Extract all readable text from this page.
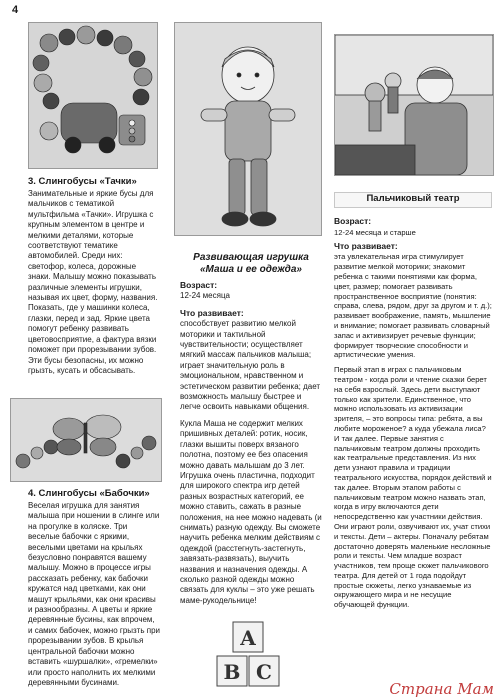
4
3. Слингобусы «Тачки»

Занимательные и яркие бусы для мальчиков с тематикой мультфильма «Тачки». Игрушка с крупным элементом в центре и мелкими деталями, которые соответствуют тематике автомобилей. Среди них: светофор, колеса, дорожные знаки. Малышу можно показывать различные элементы игрушки, называя их цвет, форму, названия. Показать, где у машинки колеса, глазки, перед и зад. Яркие цвета помогут ребенку развивать цветовосприятие, а фактура вязки поможет при прорезывании зубов. Эти бусы безопасны, их можно грызть, кусать и обсасывать.

4. Слингобусы «Бабочки»

Веселая игрушка для занятия малыша при ношении в слинге или на прогулке в коляске. Три веселые бабочки с яркими, веселыми цветами на крыльях безусловно понравятся вашему малышу. Можно в процессе игры рассказать ребенку, как бабочки кружатся над цветками, как они машут крыльями, как они красивы и разнообразны. А цветы и яркие деревянные бусины, как впрочем, и самих бабочек, можно грызть при прорезывании зубов. В крылья центральной бабочки можно вставить «шуршалки», «гремелки» или просто наполнить их мелкими деревянными бусинами.

Развивающая игрушка «Маша и ее одежда»
Возраст:

12-24 месяца

Что развивает:

способствует развитию мелкой моторики и тактильной чувствительности; осуществляет мягкий массаж пальчиков малыша; играет значительную роль в эмоциональном, нравственном и эстетическом развитии ребенка; дает возможность малышу быстрее и легче освоить навыками общения.

Кукла Маша не содержит мелких пришивных деталей: ротик, носик, глазки вышиты поверх вязаного полотна, поэтому ее без опасения можно давать малышам до 3 лет. Игрушка очень пластична, подходит для широкого спектра игр детей разных возрастных категорий, ее можно ставить, сажать в разные положения, на нее можно надевать (и снимать) разную одежду. Вы сможете научить ребенка мелким действиям с одеждой (расстегнуть-застегнуть, завязать-развязать), выучить названия и назначения одежды. А сколько разной одежды можно связать для куклы – это уже решать маме-рукодельнице!

A
B C
Пальчиковый театр
Возраст:

12-24 месяца и старше

Что развивает:

эта увлекательная игра стимулирует развитие мелкой моторики; знакомит ребенка с такими понятиями как форма, цвет, размер; помогает развивать пространственное восприятие (понятия: справа, слева, рядом, друг за другом и т. д.); развивает воображение, память, мышление и внимание; помогает развивать словарный запас и активизирует речевые функции; формирует творческие способности и артистические умения.

Первый этап в играх с пальчиковым театром - когда роли и чтение сказки берет на себя взрослый. Здесь дети выступают только как зрители. Единственное, что можно использовать из активизации зрителя, – это вопросы типа: ребята, а вы любите мороженое? а куда убежала лиса? И так далее. Первые занятия с пальчиковым театром должны проходить как театральные представления. Из них дети узнают правила и традиции театрального искусства, порядок действий и так далее. Вторым этапом работы с пальчиковым театром можно назвать этап, когда в игру включаются дети непосредственно как участники действия. Они играют роли, озвучивают их, учат стихи и тексты. Дети – актеры. Поначалу ребятам достаточно доверять маленькие несложные роли и тексты. Чем младше возраст участников, тем проще сюжет пальчикового театра. Для детей от 1 года подойдут простые сюжеты, легко узнаваемые из окружающего мира и не несущие обучающей функции.

Страна Мам
